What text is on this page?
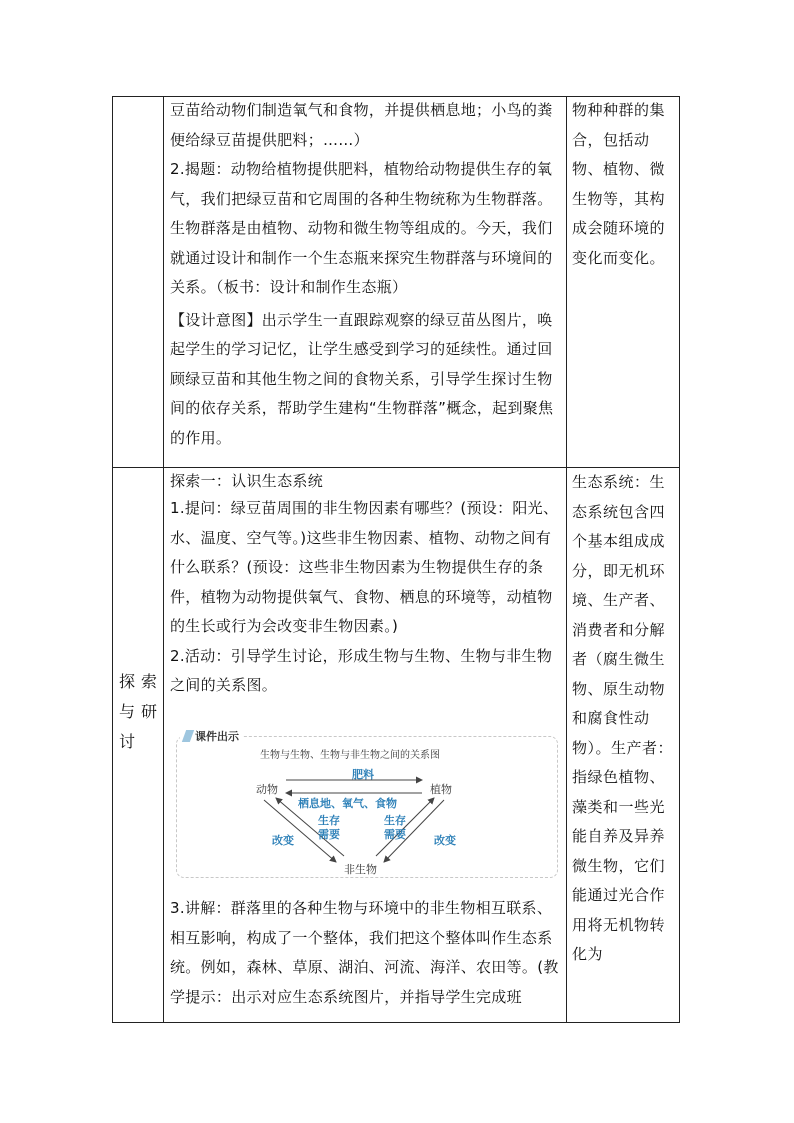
豆苗给动物们制造氧气和食物，并提供栖息地；小鸟的粪便给绿豆苗提供肥料；……）

2.揭题：动物给植物提供肥料，植物给动物提供生存的氧气，我们把绿豆苗和它周围的各种生物统称为生物群落。生物群落是由植物、动物和微生物等组成的。今天，我们就通过设计和制作一个生态瓶来探究生物群落与环境间的关系。（板书：设计和制作生态瓶）

【设计意图】出示学生一直跟踪观察的绿豆苗丛图片，唤起学生的学习记忆，让学生感受到学习的延续性。通过回顾绿豆苗和其他生物之间的食物关系，引导学生探讨生物间的依存关系，帮助学生建构“生物群落”概念，起到聚焦的作用。

物种种群的集合，包括动物、植物、微生物等，其构成会随环境的变化而变化。

探索
与研
讨

探索一：认识生态系统

1.提问：绿豆苗周围的非生物因素有哪些？(预设：阳光、水、温度、空气等。)这些非生物因素、植物、动物之间有什么联系？(预设：这些非生物因素为生物提供生存的条件，植物为动物提供氧气、食物、栖息的环境等，动植物的生长或行为会改变非生物因素。)

2.活动：引导学生讨论，形成生物与生物、生物与非生物之间的关系图。

3.讲解：群落里的各种生物与环境中的非生物相互联系、相互影响，构成了一个整体，我们把这个整体叫作生态系统。例如，森林、草原、湖泊、河流、海洋、农田等。(教学提示：出示对应生态系统图片，并指导学生完成班

生态系统：生态系统包含四个基本组成成分，即无机环境、生产者、消费者和分解者（腐生微生物、原生动物和腐食性动物）。生产者：指绿色植物、藻类和一些光能自养及异养微生物，它们能通过光合作用将无机物转化为

课件出示
生物与生物、生物与非生物之间的关系图
动物	植物
非生物
肥料
栖息地、氧气、食物
生存
需要
生存
需要
改变	改变
